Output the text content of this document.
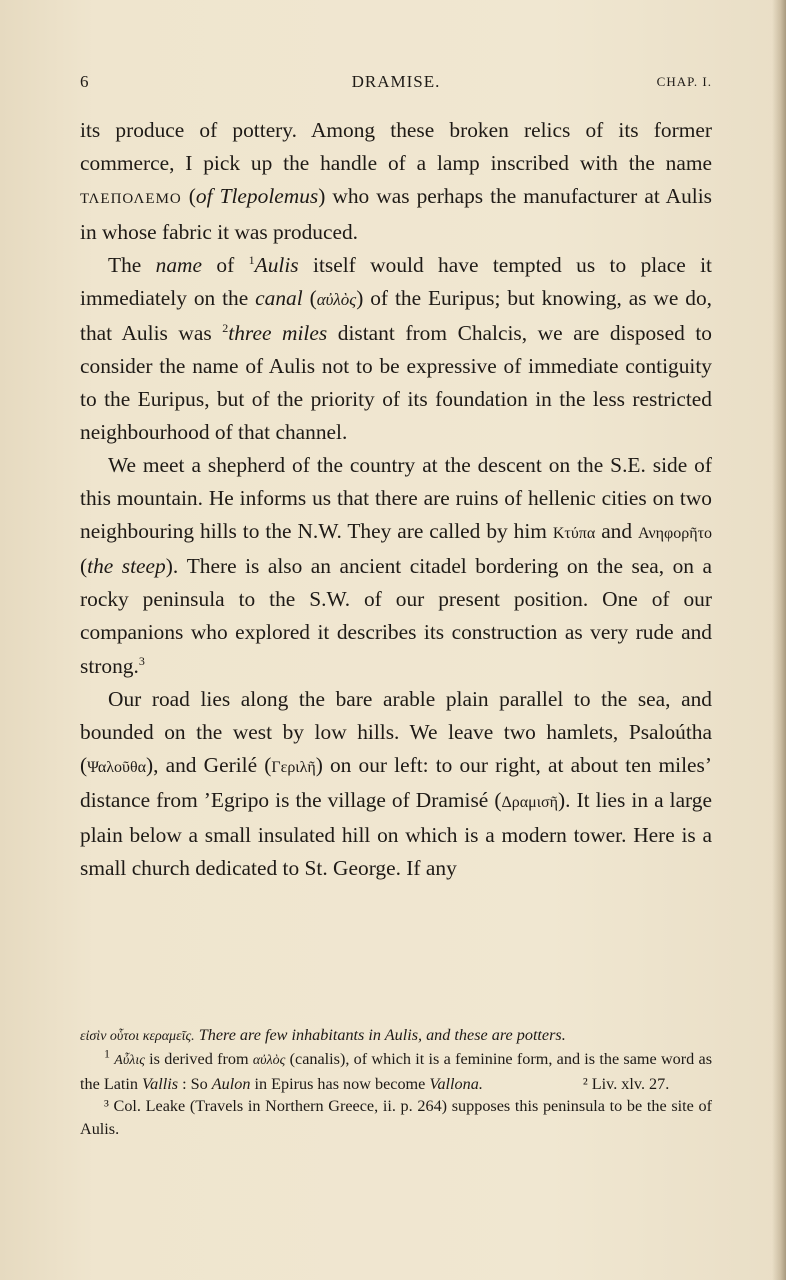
6	DRAMISE.	CHAP. I.

its produce of pottery. Among these broken relics of its former commerce, I pick up the handle of a lamp inscribed with the name ΤΛΕΠΟΛΕΜΟ (of Tlepolemus) who was perhaps the manufacturer at Aulis in whose fabric it was produced.

The name of $^1$Aulis itself would have tempted us to place it immediately on the canal (αὐλὸς) of the Euripus; but knowing, as we do, that Aulis was $^2$three miles distant from Chalcis, we are disposed to consider the name of Aulis not to be expressive of immediate contiguity to the Euripus, but of the priority of its foundation in the less restricted neighbourhood of that channel.

We meet a shepherd of the country at the descent on the S.E. side of this mountain. He informs us that there are ruins of hellenic cities on two neighbouring hills to the N.W. They are called by him Κτύπα and Ανηφορῆτο (the steep). There is also an ancient citadel bordering on the sea, on a rocky peninsula to the S.W. of our present position. One of our companions who explored it describes its construction as very rude and strong.$^3$

Our road lies along the bare arable plain parallel to the sea, and bounded on the west by low hills. We leave two hamlets, Psaloútha (Ψαλοῦθα), and Gerilé (Γεριλῆ) on our left: to our right, at about ten miles’ distance from ’Egripo is the village of Dramisé (Δραμισῆ). It lies in a large plain below a small insulated hill on which is a modern tower. Here is a small church dedicated to St. George. If any

εἰσὶν οὗτοι κεραμεῖς. There are few inhabitants in Aulis, and these are potters.

$^1$ Αὖλις is derived from αὐλὸς (canalis), of which it is a feminine form, and is the same word as the Latin Vallis : So Aulon in Epirus has now become Vallona.	² Liv. xlv. 27.

³ Col. Leake (Travels in Northern Greece, ii. p. 264) supposes this peninsula to be the site of Aulis.
